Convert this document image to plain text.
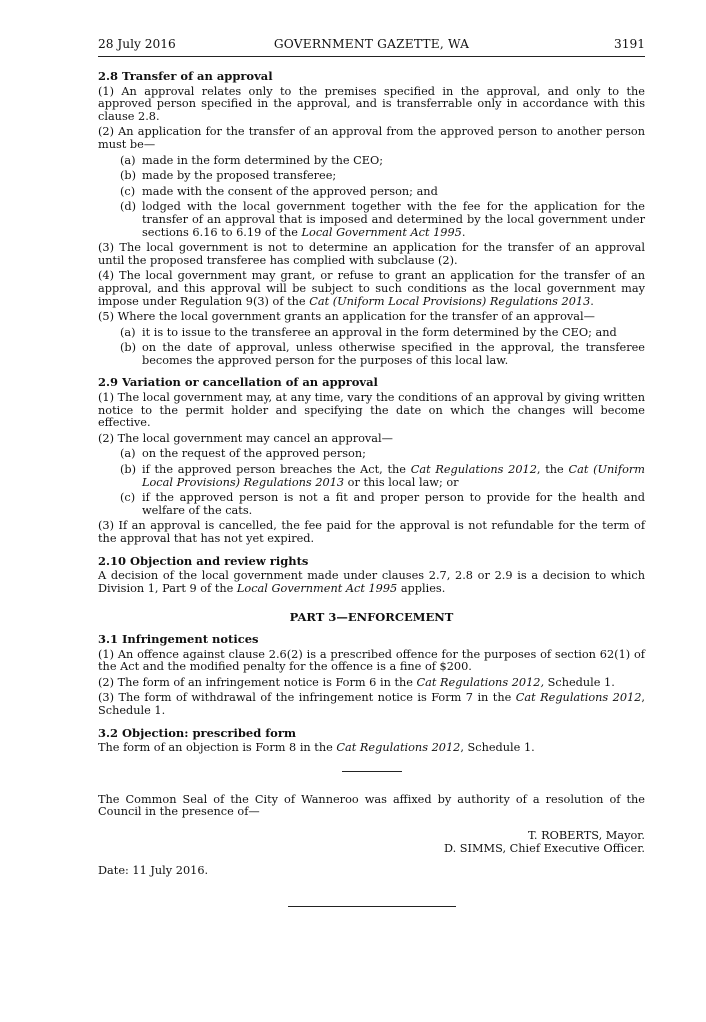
28 July 2016	GOVERNMENT GAZETTE, WA	3191
2.8 Transfer of an approval

(1) An approval relates only to the premises specified in the approval, and only to the approved person specified in the approval, and is transferrable only in accordance with this clause 2.8.

(2) An application for the transfer of an approval from the approved person to another person must be—

(a) made in the form determined by the CEO;
(b) made by the proposed transferee;
(c) made with the consent of the approved person; and
(d) lodged with the local government together with the fee for the application for the transfer of an approval that is imposed and determined by the local government under sections 6.16 to 6.19 of the Local Government Act 1995.

(3) The local government is not to determine an application for the transfer of an approval until the proposed transferee has complied with subclause (2).

(4) The local government may grant, or refuse to grant an application for the transfer of an approval, and this approval will be subject to such conditions as the local government may impose under Regulation 9(3) of the Cat (Uniform Local Provisions) Regulations 2013.

(5) Where the local government grants an application for the transfer of an approval—

(a) it is to issue to the transferee an approval in the form determined by the CEO; and
(b) on the date of approval, unless otherwise specified in the approval, the transferee becomes the approved person for the purposes of this local law.
2.9 Variation or cancellation of an approval

(1) The local government may, at any time, vary the conditions of an approval by giving written notice to the permit holder and specifying the date on which the changes will become effective.

(2) The local government may cancel an approval—

(a) on the request of the approved person;
(b) if the approved person breaches the Act, the Cat Regulations 2012, the Cat (Uniform Local Provisions) Regulations 2013 or this local law; or
(c) if the approved person is not a fit and proper person to provide for the health and welfare of the cats.

(3) If an approval is cancelled, the fee paid for the approval is not refundable for the term of the approval that has not yet expired.

2.10 Objection and review rights

A decision of the local government made under clauses 2.7, 2.8 or 2.9 is a decision to which Division 1, Part 9 of the Local Government Act 1995 applies.

PART 3—ENFORCEMENT
3.1 Infringement notices

(1) An offence against clause 2.6(2) is a prescribed offence for the purposes of section 62(1) of the Act and the modified penalty for the offence is a fine of $200.

(2) The form of an infringement notice is Form 6 in the Cat Regulations 2012, Schedule 1.

(3) The form of withdrawal of the infringement notice is Form 7 in the Cat Regulations 2012, Schedule 1.

3.2 Objection: prescribed form

The form of an objection is Form 8 in the Cat Regulations 2012, Schedule 1.

The Common Seal of the City of Wanneroo was affixed by authority of a resolution of the Council in the presence of—

T. ROBERTS, Mayor.

D. SIMMS, Chief Executive Officer.

Date: 11 July 2016.
